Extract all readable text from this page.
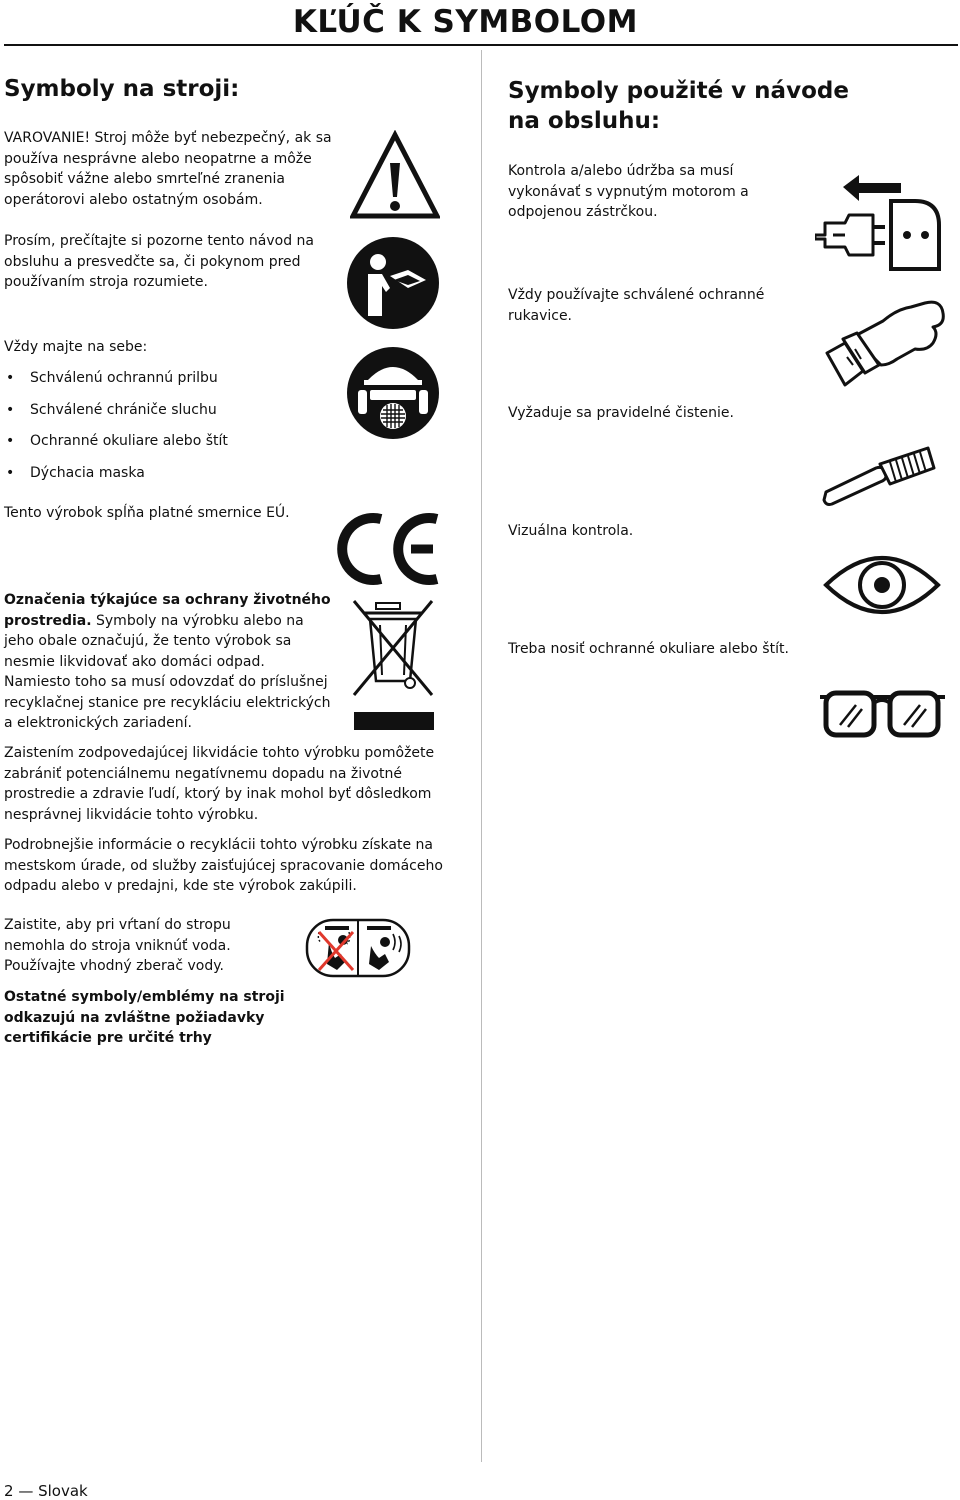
KĽÚČ K SYMBOLOM
Symboly na stroji:
VAROVANIE! Stroj môže byť nebezpečný, ak sa používa nesprávne alebo neopatrne a môže spôsobiť vážne alebo smrteľné zranenia operátorovi alebo ostatným osobám.
Prosím, prečítajte si pozorne tento návod na obsluhu a presvedčte sa, či pokynom pred používaním stroja rozumiete.
Vždy majte na sebe:
• Schválenú ochrannú prilbu
• Schválené chrániče sluchu
• Ochranné okuliare alebo štít
• Dýchacia maska
Tento výrobok spĺňa platné smernice EÚ.
Označenia týkajúce sa ochrany životného prostredia. Symboly na výrobku alebo na jeho obale označujú, že tento výrobok sa nesmie likvidovať ako domáci odpad. Namiesto toho sa musí odovzdať do príslušnej recyklačnej stanice pre recykláciu elektrických a elektronických zariadení.
Zaistením zodpovedajúcej likvidácie tohto výrobku pomôžete zabrániť potenciálnemu negatívnemu dopadu na životné prostredie a zdravie ľudí, ktorý by inak mohol byť dôsledkom nesprávnej likvidácie tohto výrobku.
Podrobnejšie informácie o recyklácii tohto výrobku získate na mestskom úrade, od služby zaisťujúcej spracovanie domáceho odpadu alebo v predajni, kde ste výrobok zakúpili.
Zaistite, aby pri vŕtaní do stropu nemohla do stroja vniknúť voda. Používajte vhodný zberač vody.
Ostatné symboly/emblémy na stroji odkazujú na zvláštne požiadavky certifikácie pre určité trhy
Symboly použité v návode na obsluhu:
Kontrola a/alebo údržba sa musí vykonávať s vypnutým motorom a odpojenou zástrčkou.
Vždy používajte schválené ochranné rukavice.
Vyžaduje sa pravidelné čistenie.
Vizuálna kontrola.
Treba nosiť ochranné okuliare alebo štít.
2 — Slovak
